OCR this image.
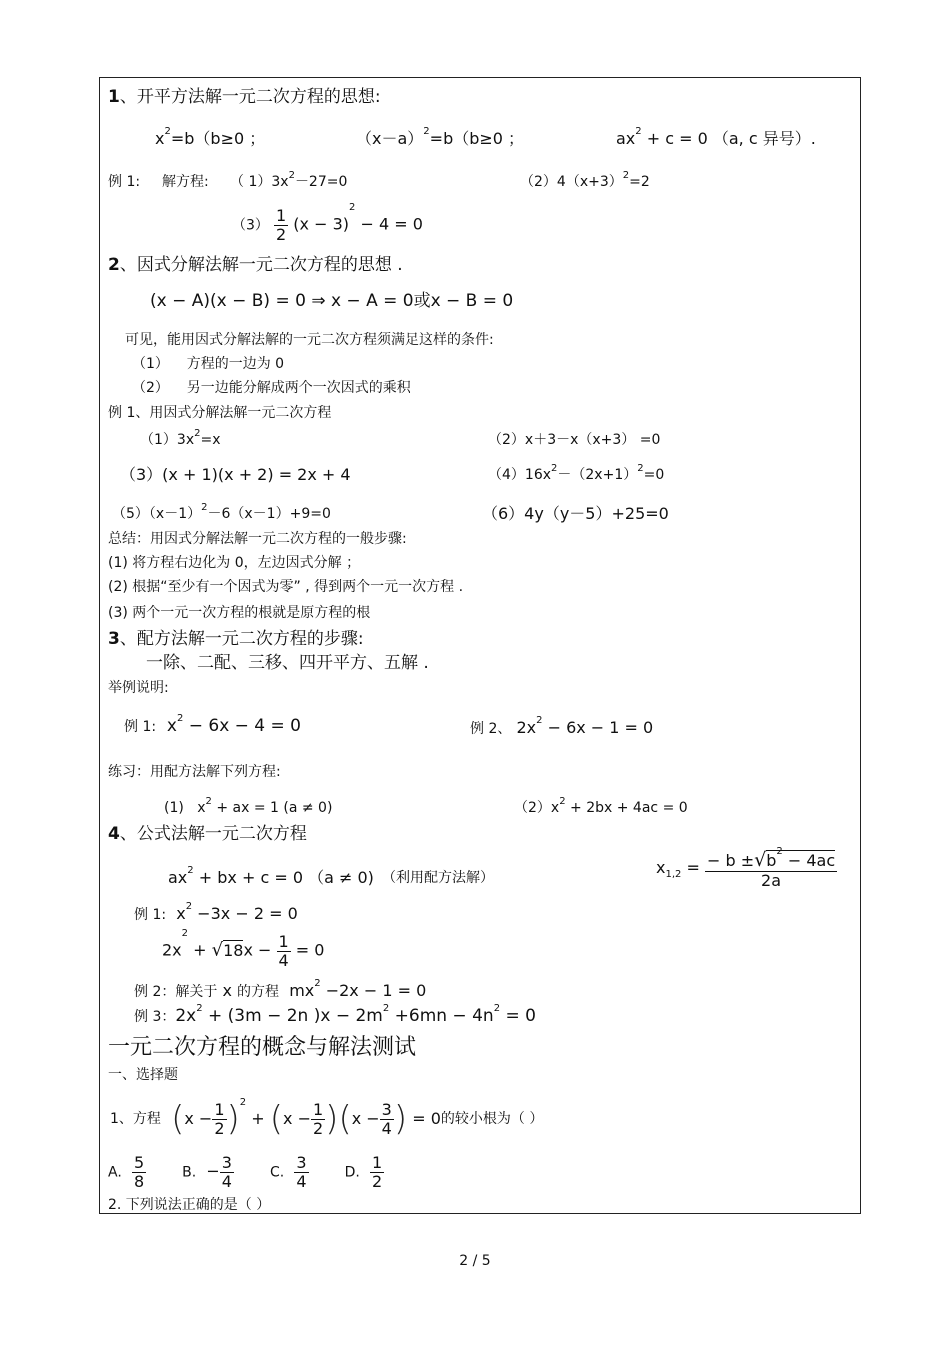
1、开平方法解一元二次方程的思想:
$x^2=b(b\ge 0$ ；	$(x-a)^2=b(b\ge 0$ ；	$ax^2 + c = 0$ （a, c 异号）.
例 1: 解方程: （ $1)3x^2-27=0$	$(2)4(x+3)^2=2$
$(3) \frac{1}{2} (x - 3)^2 - 4 = 0$
2、因式分解法解一元二次方程的思想 .
(x − A)(x − B) = 0 ⇒ x − A = 0或x − B = 0
可见，能用因式分解法解的一元二次方程须满足这样的条件:
（1） 方程的一边为 0
（2） 另一边能分解成两个一次因式的乘积
例 1、用因式分解法解一元二次方程
$(1)3x^2=x$	（2）x＋3－x（x+3） =0
（3）(x + 1)(x + 2) = 2x + 4	$(4)16x^2-(2x+1)^2=0$
$(5)(x-1)^2-6(x-1)+9=0$	（6）4y（y－5）+25=0
总结：用因式分解法解一元二次方程的一般步骤:
(1) 将方程右边化为 0，左边因式分解 ；
(2) 根据“至少有一个因式为零” , 得到两个一元一次方程 .
(3) 两个一元一次方程的根就是原方程的根
3、配方法解一元二次方程的步骤:
一除、二配、三移、四开平方、五解 .
举例说明:
例 1: $x^2 - 6x - 4 = 0$	例 2、 $2x^2 - 6x - 1 = 0$
练习：用配方法解下列方程:
(1) $x^2$ + ax = 1 (a ≠ 0)	$(2)x^2 + 2bx + 4ac = 0$
4、公式法解一元二次方程
$ax^2$ + bx + c = 0 （a ≠ 0) （利用配方法解）
$x_{1,2} = \frac{- b \pm√b^2 - 4ac}{2a}$
例 1: $x^2 -3x - 2 = 0$
$2x^2 + √18x - \frac{1}{4} = 0$
例 2：解关于 x 的方程 $mx^2 -2x - 1 = 0$
例 3：$2x^2 + (3m - 2n$ )$x - 2m^2 +6mn - 4n^2 = 0$
一元二次方程的概念与解法测试
一、选择题
1、方程
( $x - \frac{1}{2} )^2$

+
( $x - \frac{1}{2}$ ) ( $x - \frac{3}{4}$ )
= 0 的较小根为（ ）
A. $\frac{5}{8}$	B. − $\frac{3}{4}$	C. $\frac{3}{4}$	D. $\frac{1}{2}$
2. 下列说法正确的是（ ）
2 / 5
